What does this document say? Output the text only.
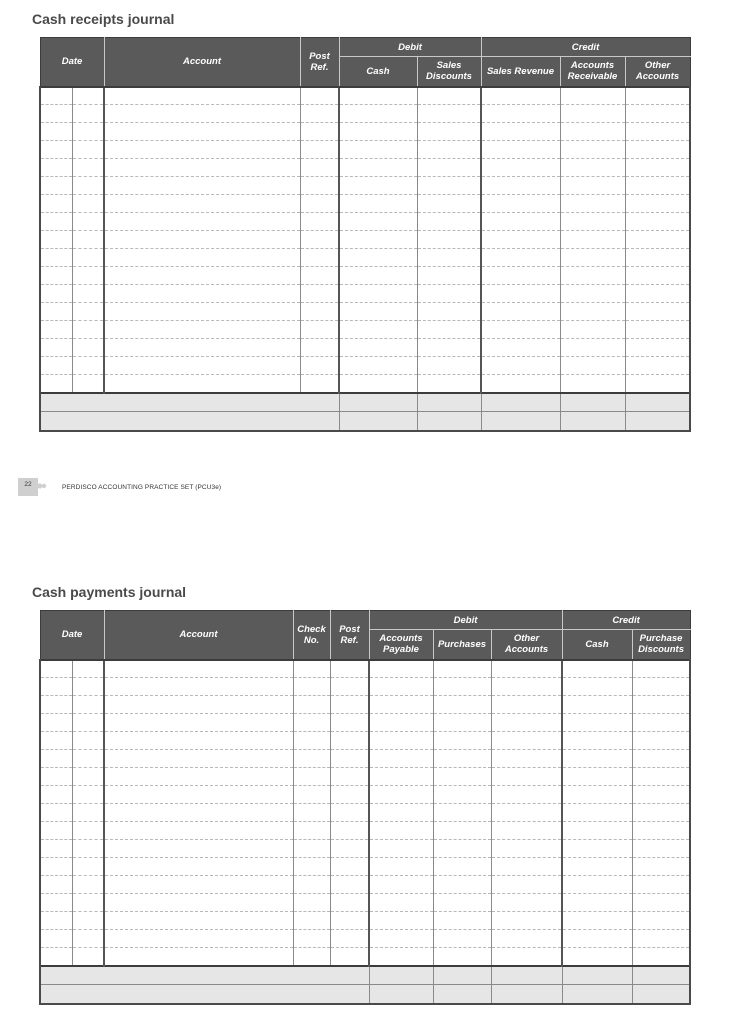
Cash receipts journal
Date		Account	Post Ref.	Debit		Credit		
				Cash	Sales Discounts	Sales Revenue	Accounts Receivable	Other Accounts

22	PERDISCO ACCOUNTING PRACTICE SET (PCU3e)
Cash payments journal
Date		Account	Check No.	Post Ref.	Debit			Credit	
					Accounts Payable	Purchases	Other Accounts	Cash	Purchase Discounts
